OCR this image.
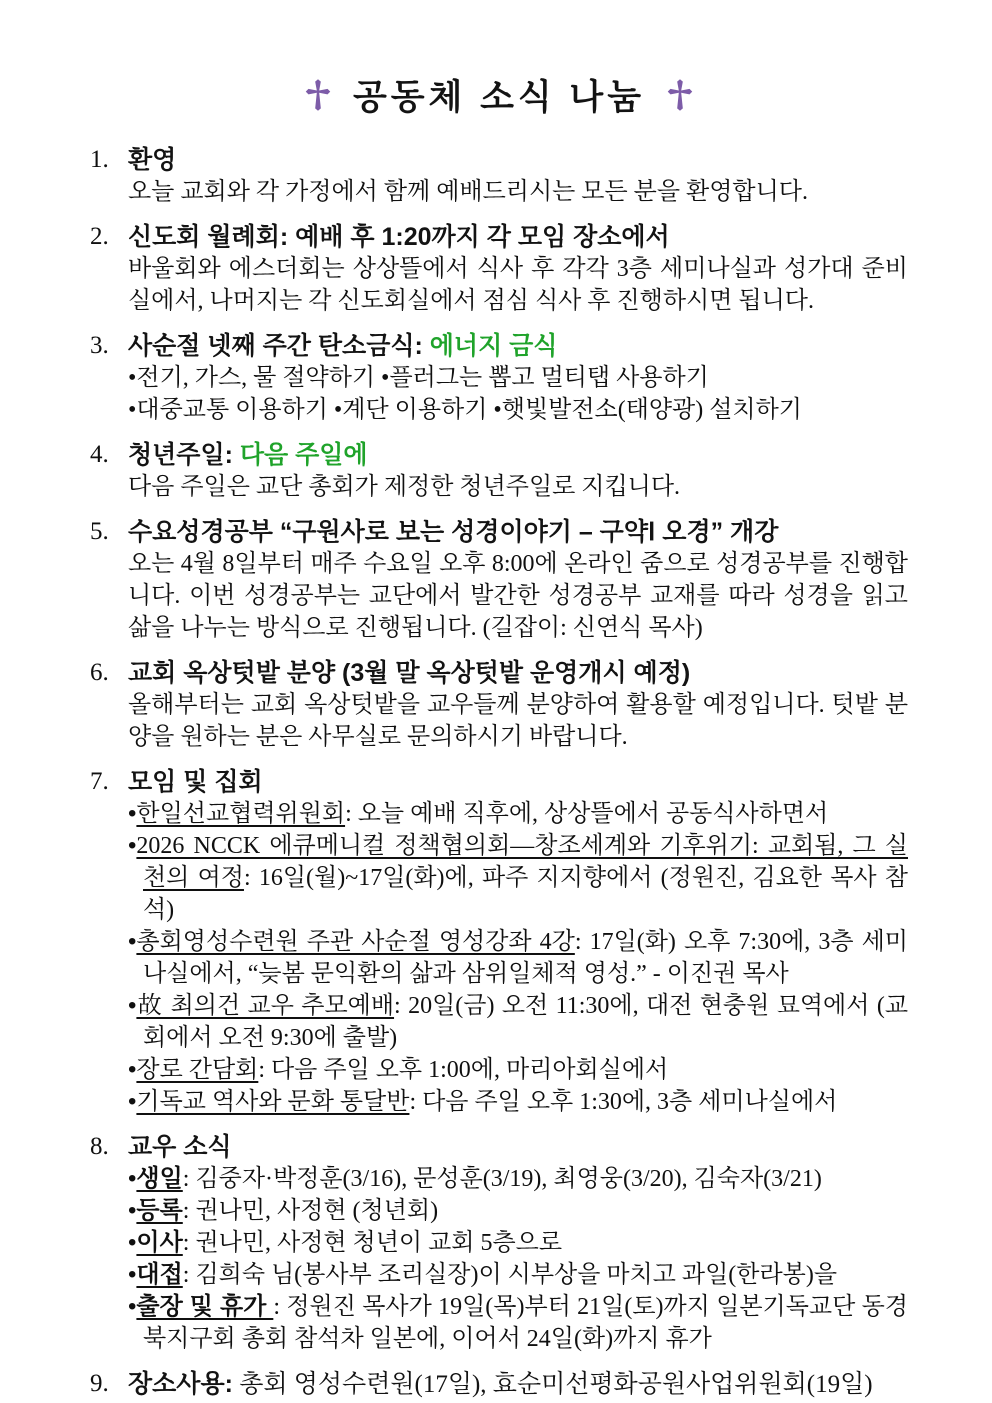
공동체 소식 나눔
1. 환영

오늘 교회와 각 가정에서 함께 예배드리시는 모든 분을 환영합니다.

2. 신도회 월례회: 예배 후 1:20까지 각 모임 장소에서

바울회와 에스더회는 상상뜰에서 식사 후 각각 3층 세미나실과 성가대 준비실에서, 나머지는 각 신도회실에서 점심 식사 후 진행하시면 됩니다.

3. 사순절 넷째 주간 탄소금식: 에너지 금식

•전기, 가스, 물 절약하기 •플러그는 뽑고 멀티탭 사용하기

•대중교통 이용하기 •계단 이용하기 •햇빛발전소(태양광) 설치하기

4. 청년주일: 다음 주일에

다음 주일은 교단 총회가 제정한 청년주일로 지킵니다.

5. 수요성경공부 “구원사로 보는 성경이야기 – 구약Ⅰ 오경” 개강

오는 4월 8일부터 매주 수요일 오후 8:00에 온라인 줌으로 성경공부를 진행합니다. 이번 성경공부는 교단에서 발간한 성경공부 교재를 따라 성경을 읽고 삶을 나누는 방식으로 진행됩니다. (길잡이: 신연식 목사)

6. 교회 옥상텃밭 분양 (3월 말 옥상텃밭 운영개시 예정)

올해부터는 교회 옥상텃밭을 교우들께 분양하여 활용할 예정입니다. 텃밭 분양을 원하는 분은 사무실로 문의하시기 바랍니다.

7. 모임 및 집회

•한일선교협력위원회: 오늘 예배 직후에, 상상뜰에서 공동식사하면서

•2026 NCCK 에큐메니컬 정책협의회—창조세계와 기후위기: 교회됨, 그 실천의 여정: 16일(월)~17일(화)에, 파주 지지향에서 (정원진, 김요한 목사 참석)

•총회영성수련원 주관 사순절 영성강좌 4강: 17일(화) 오후 7:30에, 3층 세미나실에서, “늦봄 문익환의 삶과 삼위일체적 영성.” - 이진권 목사

•故 최의건 교우 추모예배: 20일(금) 오전 11:30에, 대전 현충원 묘역에서 (교회에서 오전 9:30에 출발)

•장로 간담회: 다음 주일 오후 1:00에, 마리아회실에서

•기독교 역사와 문화 통달반: 다음 주일 오후 1:30에, 3층 세미나실에서

8. 교우 소식

•생일: 김중자·박정훈(3/16), 문성훈(3/19), 최영웅(3/20), 김숙자(3/21)

•등록: 권나민, 사정현 (청년회)

•이사: 권나민, 사정현 청년이 교회 5층으로

•대접: 김희숙 님(봉사부 조리실장)이 시부상을 마치고 과일(한라봉)을

•출장 및 휴가 : 정원진 목사가 19일(목)부터 21일(토)까지 일본기독교단 동경북지구회 총회 참석차 일본에, 이어서 24일(화)까지 휴가

9. 장소사용: 총회 영성수련원(17일), 효순미선평화공원사업위원회(19일)
